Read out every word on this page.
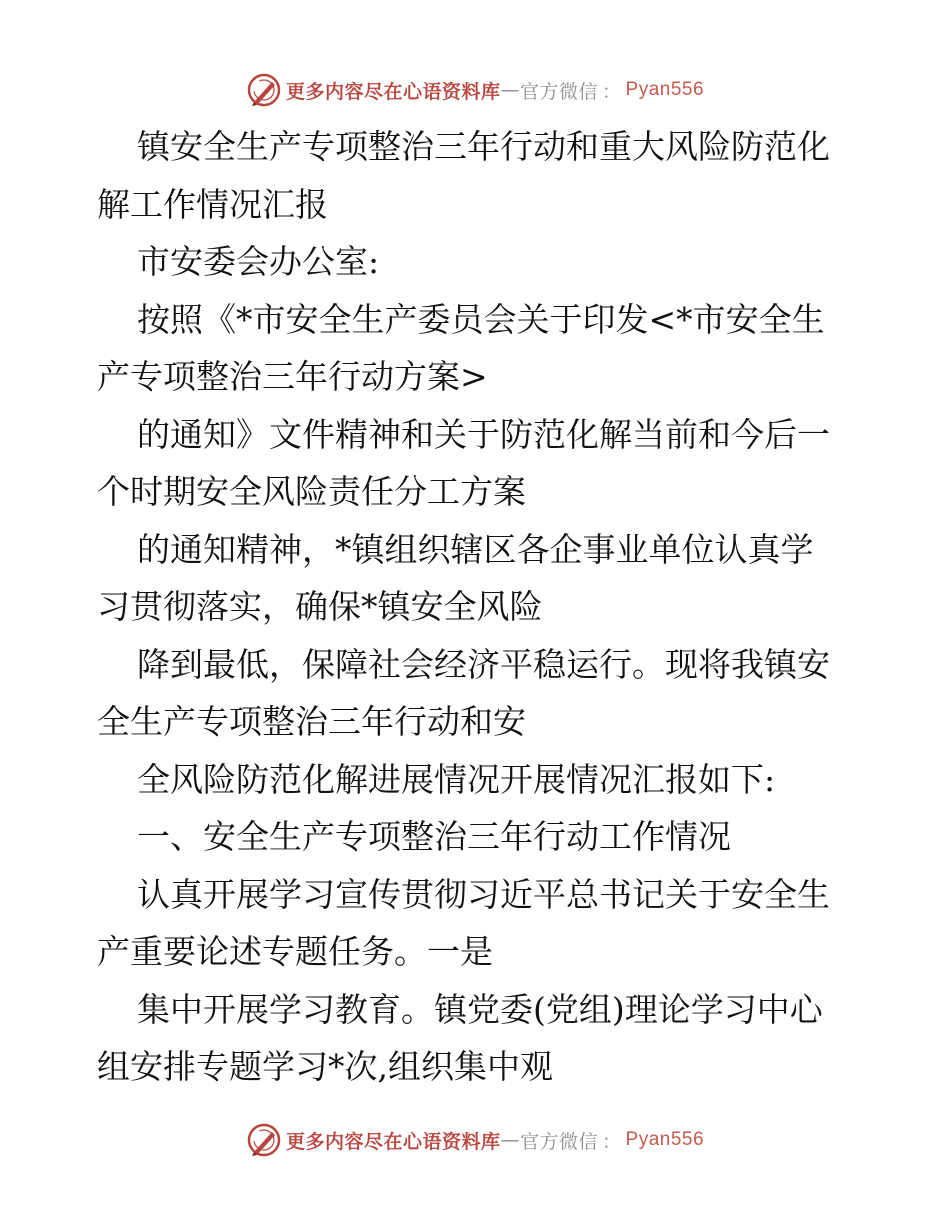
更多内容尽在心语资料库 — 官方微信 ： Pyan556
镇安全生产专项整治三年行动和重大风险防范化
解工作情况汇报
市安委会办公室:
按照《*市安全生产委员会关于印发<*市安全生
产专项整治三年行动方案>
的通知》文件精神和关于防范化解当前和今后一
个时期安全风险责任分工方案
的通知精神，*镇组织辖区各企事业单位认真学
习贯彻落实，确保*镇安全风险
降到最低，保障社会经济平稳运行。现将我镇安
全生产专项整治三年行动和安
全风险防范化解进展情况开展情况汇报如下:
一、安全生产专项整治三年行动工作情况
认真开展学习宣传贯彻习近平总书记关于安全生
产重要论述专题任务。一是
集中开展学习教育。镇党委(党组)理论学习中心
组安排专题学习*次,组织集中观
更多内容尽在心语资料库 — 官方微信 ： Pyan556
